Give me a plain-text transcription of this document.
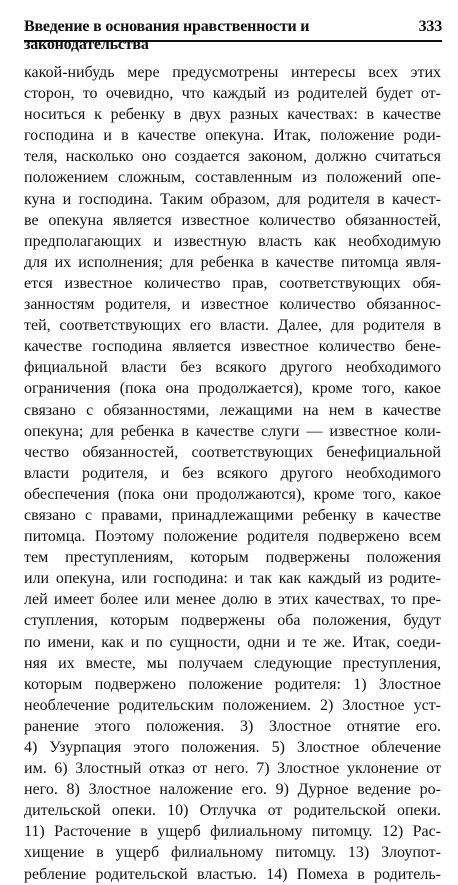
Введение в основания нравственности и законодательства
333
какой-нибудь мере предусмотрены интересы всех этих
сторон, то очевидно, что каждый из родителей будет от-
носиться к ребенку в двух разных качествах: в качестве
господина и в качестве опекуна. Итак, положение роди-
теля, насколько оно создается законом, должно считаться
положением сложным, составленным из положений опе-
куна и господина. Таким образом, для родителя в качест-
ве опекуна является известное количество обязанностей,
предполагающих и известную власть как необходимую
для их исполнения; для ребенка в качестве питомца явля-
ется известное количество прав, соответствующих обя-
занностям родителя, и известное количество обязаннос-
тей, соответствующих его власти. Далее, для родителя в
качестве господина является известное количество бене-
фициальной власти без всякого другого необходимого
ограничения (пока она продолжается), кроме того, какое
связано с обязанностями, лежащими на нем в качестве
опекуна; для ребенка в качестве слуги — известное коли-
чество обязанностей, соответствующих бенефициальной
власти родителя, и без всякого другого необходимого
обеспечения (пока они продолжаются), кроме того, какое
связано с правами, принадлежащими ребенку в качестве
питомца. Поэтому положение родителя подвержено всем
тем преступлениям, которым подвержены положения
или опекуна, или господина: и так как каждый из родите-
лей имеет более или менее долю в этих качествах, то пре-
ступления, которым подвержены оба положения, будут
по имени, как и по сущности, одни и те же. Итак, соеди-
няя их вместе, мы получаем следующие преступления,
которым подвержено положение родителя: 1) Злостное
необлечение родительским положением. 2) Злостное уст-
ранение этого положения. 3) Злостное отнятие его.
4) Узурпация этого положения. 5) Злостное облечение
им. 6) Злостный отказ от него. 7) Злостное уклонение от
него. 8) Злостное наложение его. 9) Дурное ведение ро-
дительской опеки. 10) Отлучка от родительской опеки.
11) Расточение в ущерб филиальному питомцу. 12) Рас-
хищение в ущерб филиальному питомцу. 13) Злоупот-
ребление родительской властью. 14) Помеха в родитель-
